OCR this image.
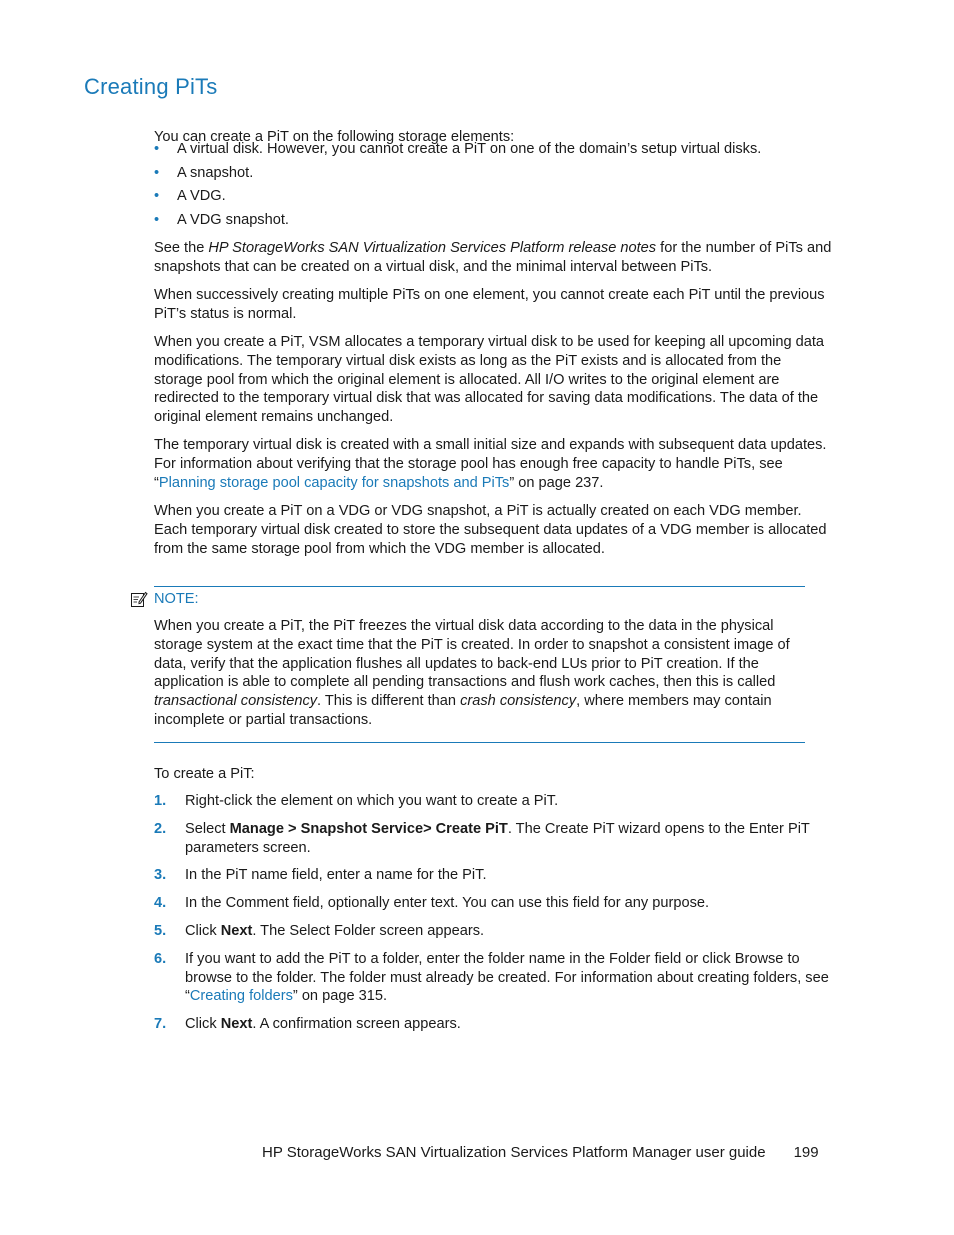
Creating PiTs

You can create a PiT on the following storage elements:

• A virtual disk. However, you cannot create a PiT on one of the domain’s setup virtual disks.
• A snapshot.
• A VDG.
• A VDG snapshot.

See the HP StorageWorks SAN Virtualization Services Platform release notes for the number of PiTs and snapshots that can be created on a virtual disk, and the minimal interval between PiTs.

When successively creating multiple PiTs on one element, you cannot create each PiT until the previous PiT’s status is normal.

When you create a PiT, VSM allocates a temporary virtual disk to be used for keeping all upcoming data modifications. The temporary virtual disk exists as long as the PiT exists and is allocated from the storage pool from which the original element is allocated. All I/O writes to the original element are redirected to the temporary virtual disk that was allocated for saving data modifications. The data of the original element remains unchanged.

The temporary virtual disk is created with a small initial size and expands with subsequent data updates. For information about verifying that the storage pool has enough free capacity to handle PiTs, see “Planning storage pool capacity for snapshots and PiTs” on page 237.

When you create a PiT on a VDG or VDG snapshot, a PiT is actually created on each VDG member. Each temporary virtual disk created to store the subsequent data updates of a VDG member is allocated from the same storage pool from which the VDG member is allocated.

NOTE:

When you create a PiT, the PiT freezes the virtual disk data according to the data in the physical storage system at the exact time that the PiT is created. In order to snapshot a consistent image of data, verify that the application flushes all updates to back-end LUs prior to PiT creation. If the application is able to complete all pending transactions and flush work caches, then this is called transactional consistency. This is different than crash consistency, where members may contain incomplete or partial transactions.

To create a PiT:

1. Right-click the element on which you want to create a PiT.
2. Select Manage > Snapshot Service> Create PiT. The Create PiT wizard opens to the Enter PiT parameters screen.
3. In the PiT name field, enter a name for the PiT.
4. In the Comment field, optionally enter text. You can use this field for any purpose.
5. Click Next. The Select Folder screen appears.
6. If you want to add the PiT to a folder, enter the folder name in the Folder field or click Browse to browse to the folder. The folder must already be created. For information about creating folders, see “Creating folders” on page 315.
7. Click Next. A confirmation screen appears.
HP StorageWorks SAN Virtualization Services Platform Manager user guide 199
